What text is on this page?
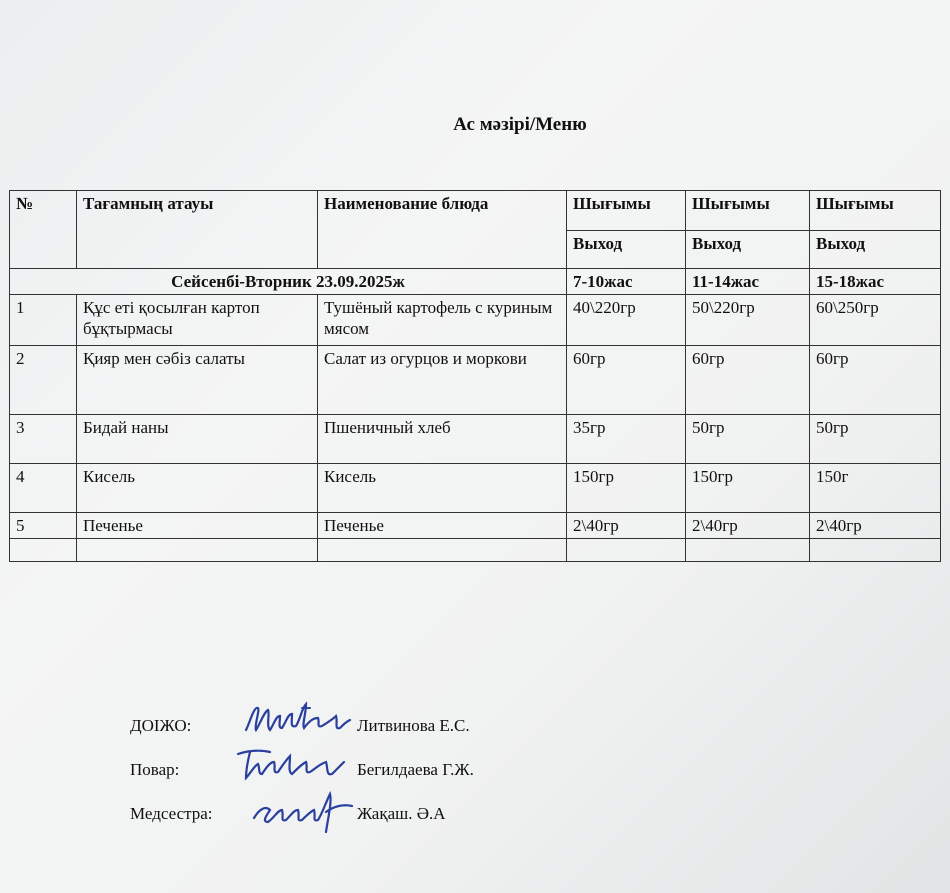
Ас мәзірі/Меню
№	Тағамның атауы	Наименование блюда	Шығымы	Шығымы	Шығымы
			Выход	Выход	Выход
Сейсенбі-Вторник 23.09.2025ж			7-10жас	11-14жас	15-18жас
1	Құс еті қосылған картоп бұқтырмасы	Тушёный картофель с куриным мясом	40\220гр	50\220гр	60\250гр
2	Қияр мен сәбіз салаты	Салат из огурцов и моркови	60гр	60гр	60гр
3	Бидай наны	Пшеничный хлеб	35гр	50гр	50гр
4	Кисель	Кисель	150гр	150гр	150г
5	Печенье	Печенье	2\40гр	2\40гр	2\40гр

ДОІЖО:	Литвинова Е.С.
Повар:	Бегилдаева Г.Ж.
Медсестра:	Жақаш. Ә.А
